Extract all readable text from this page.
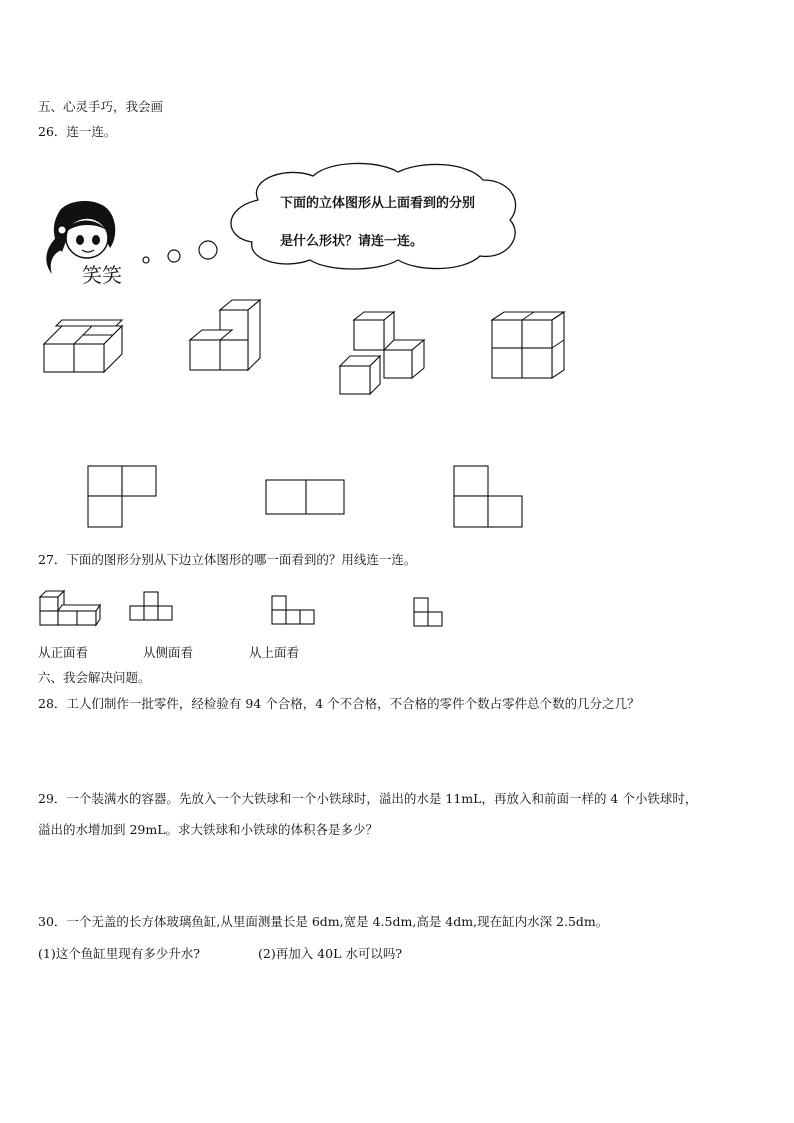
五、心灵手巧，我会画
26．连一连。
笑笑
下面的立体图形从上面看到的分别
是什么形状？请连一连。
27．下面的图形分别从下边立体图形的哪一面看到的？用线连一连。
从正面看	从侧面看	从上面看
六、我会解决问题。
28．工人们制作一批零件，经检验有 94 个合格，4 个不合格，不合格的零件个数占零件总个数的几分之几？
29．一个装满水的容器。先放入一个大铁球和一个小铁球时，溢出的水是 11mL，再放入和前面一样的 4 个小铁球时，
溢出的水增加到 29mL。求大铁球和小铁球的体积各是多少？
30．一个无盖的长方体玻璃鱼缸,从里面测量长是 6dm,宽是 4.5dm,高是 4dm,现在缸内水深 2.5dm。
(1)这个鱼缸里现有多少升水?	(2)再加入 40L 水可以吗?
